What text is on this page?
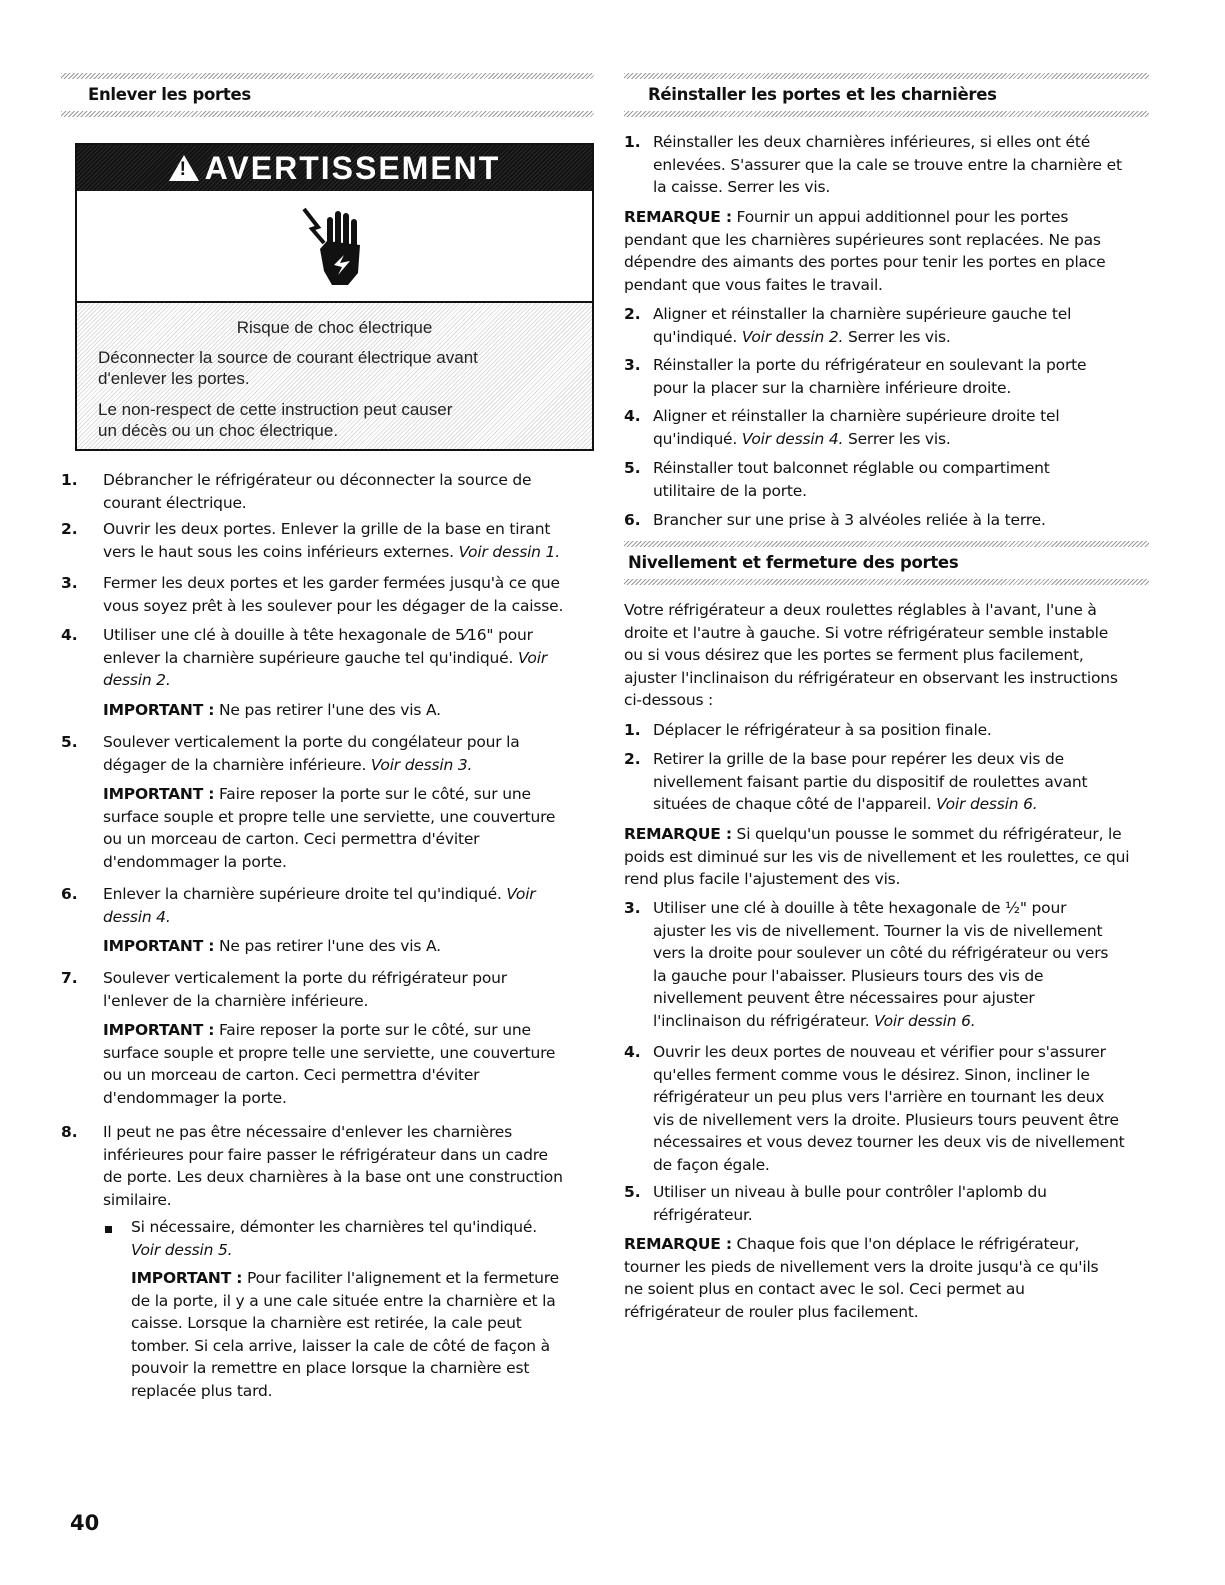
Enlever les portes
!AVERTISSEMENT
Risque de choc électrique
Déconnecter la source de courant électrique avant
d'enlever les portes.
Le non-respect de cette instruction peut causer
un décès ou un choc électrique.
1. Débrancher le réfrigérateur ou déconnecter la source de
courant électrique.
2. Ouvrir les deux portes. Enlever la grille de la base en tirant
vers le haut sous les coins inférieurs externes. Voir dessin 1.
3. Fermer les deux portes et les garder fermées jusqu'à ce que
vous soyez prêt à les soulever pour les dégager de la caisse.
4. Utiliser une clé à douille à tête hexagonale de 5⁄16" pour
enlever la charnière supérieure gauche tel qu'indiqué. Voir
dessin 2.
IMPORTANT : Ne pas retirer l'une des vis A.
5. Soulever verticalement la porte du congélateur pour la
dégager de la charnière inférieure. Voir dessin 3.
IMPORTANT : Faire reposer la porte sur le côté, sur une
surface souple et propre telle une serviette, une couverture
ou un morceau de carton. Ceci permettra d'éviter
d'endommager la porte.
6. Enlever la charnière supérieure droite tel qu'indiqué. Voir
dessin 4.
IMPORTANT : Ne pas retirer l'une des vis A.
7. Soulever verticalement la porte du réfrigérateur pour
l'enlever de la charnière inférieure.
IMPORTANT : Faire reposer la porte sur le côté, sur une
surface souple et propre telle une serviette, une couverture
ou un morceau de carton. Ceci permettra d'éviter
d'endommager la porte.
8. Il peut ne pas être nécessaire d'enlever les charnières
inférieures pour faire passer le réfrigérateur dans un cadre
de porte. Les deux charnières à la base ont une construction
similaire.
Si nécessaire, démonter les charnières tel qu'indiqué.
Voir dessin 5.
IMPORTANT : Pour faciliter l'alignement et la fermeture
de la porte, il y a une cale située entre la charnière et la
caisse. Lorsque la charnière est retirée, la cale peut
tomber. Si cela arrive, laisser la cale de côté de façon à
pouvoir la remettre en place lorsque la charnière est
replacée plus tard.
Réinstaller les portes et les charnières
1. Réinstaller les deux charnières inférieures, si elles ont été
enlevées. S'assurer que la cale se trouve entre la charnière et
la caisse. Serrer les vis.
REMARQUE : Fournir un appui additionnel pour les portes
pendant que les charnières supérieures sont replacées. Ne pas
dépendre des aimants des portes pour tenir les portes en place
pendant que vous faites le travail.
2. Aligner et réinstaller la charnière supérieure gauche tel
qu'indiqué. Voir dessin 2. Serrer les vis.
3. Réinstaller la porte du réfrigérateur en soulevant la porte
pour la placer sur la charnière inférieure droite.
4. Aligner et réinstaller la charnière supérieure droite tel
qu'indiqué. Voir dessin 4. Serrer les vis.
5. Réinstaller tout balconnet réglable ou compartiment
utilitaire de la porte.
6. Brancher sur une prise à 3 alvéoles reliée à la terre.
Nivellement et fermeture des portes
Votre réfrigérateur a deux roulettes réglables à l'avant, l'une à
droite et l'autre à gauche. Si votre réfrigérateur semble instable
ou si vous désirez que les portes se ferment plus facilement,
ajuster l'inclinaison du réfrigérateur en observant les instructions
ci-dessous :
1. Déplacer le réfrigérateur à sa position finale.
2. Retirer la grille de la base pour repérer les deux vis de
nivellement faisant partie du dispositif de roulettes avant
situées de chaque côté de l'appareil. Voir dessin 6.
REMARQUE : Si quelqu'un pousse le sommet du réfrigérateur, le
poids est diminué sur les vis de nivellement et les roulettes, ce qui
rend plus facile l'ajustement des vis.
3. Utiliser une clé à douille à tête hexagonale de ½" pour
ajuster les vis de nivellement. Tourner la vis de nivellement
vers la droite pour soulever un côté du réfrigérateur ou vers
la gauche pour l'abaisser. Plusieurs tours des vis de
nivellement peuvent être nécessaires pour ajuster
l'inclinaison du réfrigérateur. Voir dessin 6.
4. Ouvrir les deux portes de nouveau et vérifier pour s'assurer
qu'elles ferment comme vous le désirez. Sinon, incliner le
réfrigérateur un peu plus vers l'arrière en tournant les deux
vis de nivellement vers la droite. Plusieurs tours peuvent être
nécessaires et vous devez tourner les deux vis de nivellement
de façon égale.
5. Utiliser un niveau à bulle pour contrôler l'aplomb du
réfrigérateur.
REMARQUE : Chaque fois que l'on déplace le réfrigérateur,
tourner les pieds de nivellement vers la droite jusqu'à ce qu'ils
ne soient plus en contact avec le sol. Ceci permet au
réfrigérateur de rouler plus facilement.
40
